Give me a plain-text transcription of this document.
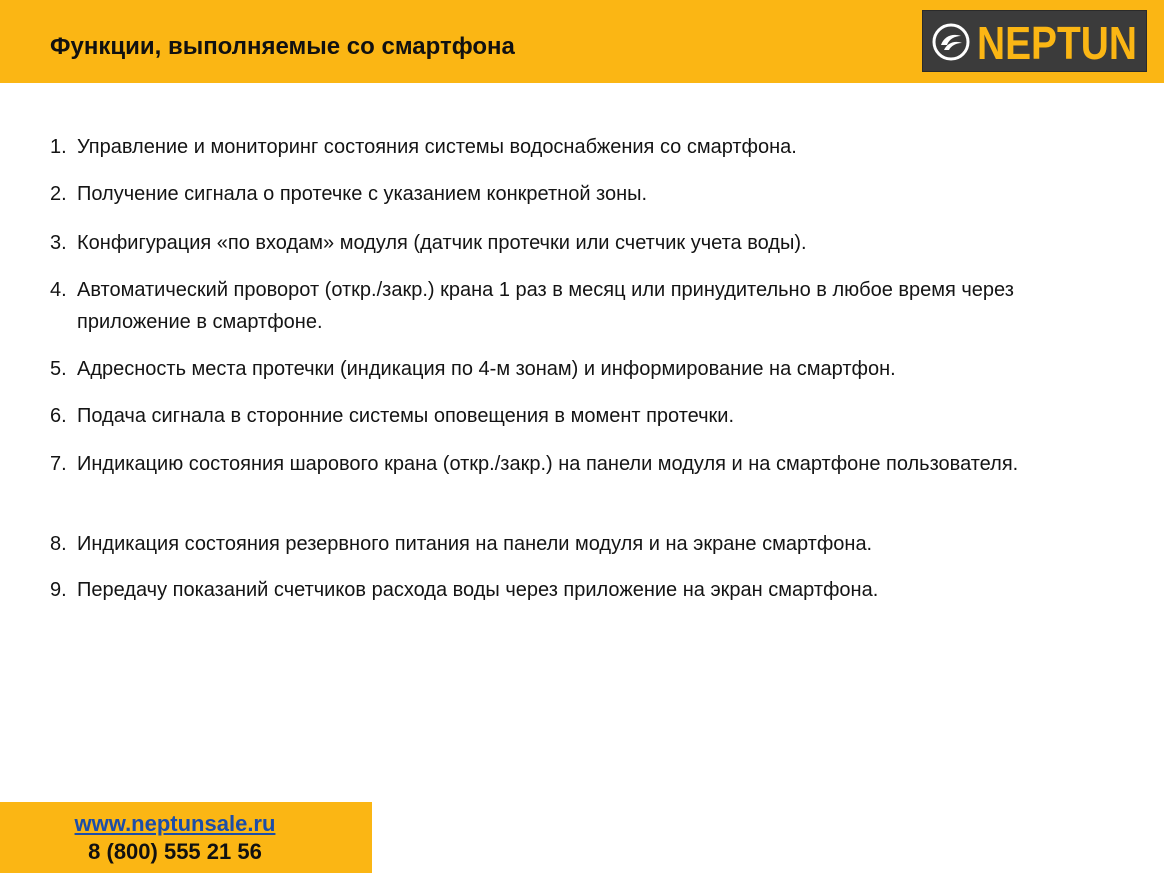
Функции, выполняемые со смартфона	NEPTUN
1. Управление и мониторинг состояния системы водоснабжения со смартфона.
2. Получение сигнала о протечке с указанием конкретной зоны.
3. Конфигурация «по входам» модуля (датчик протечки или счетчик учета воды).
4. Автоматический проворот (откр./закр.) крана 1 раз в месяц или принудительно в любое время через приложение в смартфоне.
5. Адресность места протечки (индикация по 4-м зонам) и информирование на смартфон.
6. Подача сигнала в сторонние системы оповещения в момент протечки.
7. Индикацию состояния шарового крана (откр./закр.) на панели модуля и на смартфоне пользователя.
8. Индикация состояния резервного питания на панели модуля и на экране смартфона.
9. Передачу показаний счетчиков расхода воды через приложение на экран смартфона.
www.neptunsale.ru
8 (800) 555 21 56
